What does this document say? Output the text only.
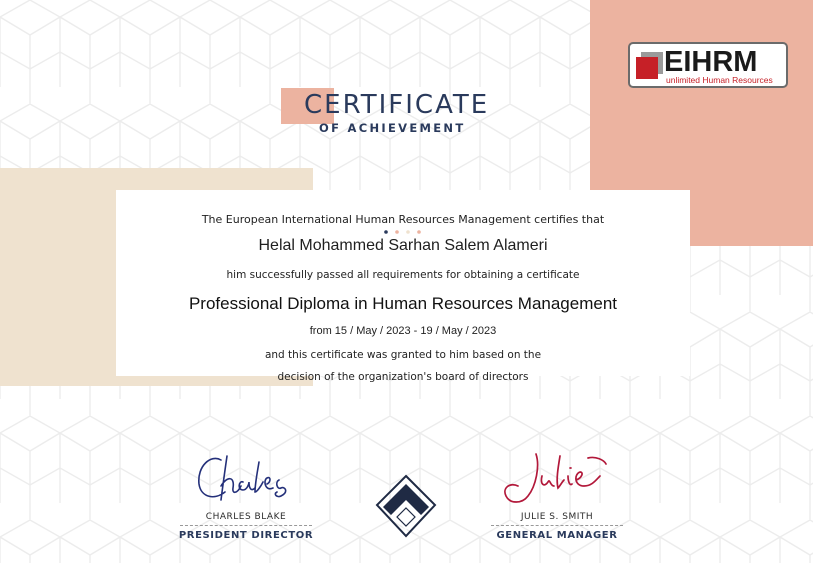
EIHRM
unlimited Human Resources
CERTIFICATE
OF ACHIEVEMENT
The European International Human Resources Management certifies that
Helal Mohammed Sarhan Salem Alameri
him successfully passed all requirements for obtaining a certificate
Professional Diploma in Human Resources Management
from 15 / May / 2023 - 19 / May / 2023
and this certificate was granted to him based on the
decision of the organization's board of directors
CHARLES BLAKE
PRESIDENT DIRECTOR
JULIE S. SMITH
GENERAL MANAGER
